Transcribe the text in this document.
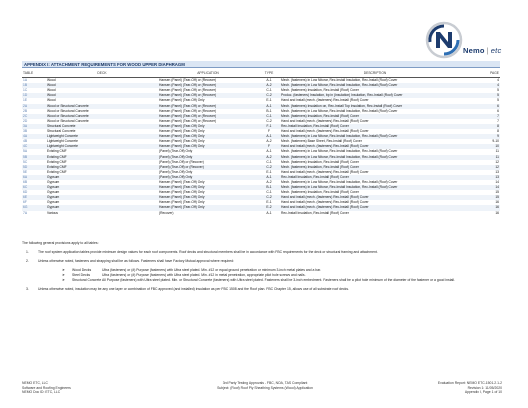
Nemo | etc
APPENDIX I: ATTACHMENT REQUIREMENTS FOR WOOD UPPER DIAPHRAGM
TABLE	DECK	APPLICATION	TYPE	DESCRIPTION	PAGE
1A	Wood	Hansen (Panel) (Tear-Off) or (Recover)	A-1	Mech. (fasteners) in Low Nitorar, Rec-Install Insulation, Rec-Install (Roof) Cover	4
1B	Wood	Hansen (Panel) (Tear-Off) or (Recover)	A-2	Mech. (fasteners) in Low Nitorar, Rec-Install Insulation, Rec-Install (Roof) Cover	4
1C	Wood	Hansen (Panel) (Tear-Off) or (Recover)	C-1	Mech. (fasteners) Insulation, Rec-Install (Roof) Cover	5
1D	Wood	Hansen (Panel) (Tear-Off) or (Recover)	C-2	Produc. (fasteners) Insulation, bp in (Insulation) Insulation, Rec-Install (Roof) Cover	5
1E	Wood	Hansen (Panel) (Tear-Off) Only	E-1	Hand and install (mech. (fasteners) Rec-Install (Roof) Cover	5
2A	Wood or Structural Concrete	Hansen (Panel) (Tear-Off) or (Recover)	A-1	Mech. (fasteners) Insulation on, Rec-Install Top Insulation, Rec-Install (Roof) Cover	6
2B	Wood or Structural Concrete	Hansen (Panel) (Tear-Off) or (Recover)	B-1	Mech. (fasteners) in Low Nitorar, Rec-Install Insulation, Rec-Install (Roof) Cover	6
2C	Wood or Structural Concrete	Hansen (Panel) (Tear-Off) or (Recover)	C-1	Mech. (fasteners) Insulation, Rec-Install (Roof) Cover	7
2D	Wood or Structural Concrete	Hansen (Panel) (Tear-Off) or (Recover)	C-2	Hand and install (mech. (fasteners) Rec-Install (Roof) Cover	7
3A	Structural Concrete	Hansen (Panel) (Tear-Off) Only	F-1	Rec-Install Insulation, Rec-Install (Roof) Cover	8
3B	Structural Concrete	Hansen (Panel) (Tear-Off) Only	F	Hand and install (mech. (fasteners) Rec-Install (Roof) Cover	8
4A	Lightweight Concrete	Hansen (Panel) (Tear-Off) Only	A-1	Mech. (fasteners) in Low Nitorar, Rec-Install Insulation, Rec-Install (Roof) Cover	9
4B	Lightweight Concrete	Hansen (Panel) (Tear-Off) Only	A-2	Mech. (fasteners) Base Sheet, Rec-Install (Roof) Cover	9-10
4C	Lightweight Concrete	Hansen (Panel) (Tear-Off) Only	F	Hand and install (mech. (fasteners) Rec-Install (Roof) Cover	10
5A	Existing CMF	(Panel) (Tear-Off) Only	A-1	Mech. (fasteners) in Low Nitorar, Rec-Install Insulation, Rec-Install (Roof) Cover	11
5B	Existing CMF	(Panel) (Tear-Off) Only	A-2	Mech. (fasteners) in Low Nitorar, Rec-Install Insulation, Rec-Install (Roof) Cover	11
5C	Existing CMF	(Panel) (Tear-Off) or (Recover)	C-1	Mech. (fasteners) Insulation, Rec-Install (Roof) Cover	12
5D	Existing CMF	(Panel) (Tear-Off) or (Recover)	C-2	Mech. (fasteners) Insulation, Rec-Install (Roof) Cover	12
5E	Existing CMF	(Panel) (Tear-Off) Only	E-1	Hand and install (mech. (fasteners) Rec-Install (Roof) Cover	13
6A	Gypsum	(Panel) (Tear-Off) Only	A-1	Rec-Install Insulation, Rec-Install (Roof) Cover	13
6B	Gypsum	Hansen (Panel) (Tear-Off) Only	A-2	Mech. (fasteners) in Low Nitorar, Rec-Install Insulation, Rec-Install (Roof) Cover	14
6C	Gypsum	Hansen (Panel) (Tear-Off) Only	B-1	Mech. (fasteners) in Low Nitorar, Rec-Install Insulation, Rec-Install (Roof) Cover	14
6D	Gypsum	Hansen (Panel) (Tear-Off) Only	C-1	Mech. (fasteners) Insulation, Rec-Install (Roof) Cover	15
6E	Gypsum	Hansen (Panel) (Tear-Off) Only	C-2	Hand and install (mech. (fasteners) Rec-Install (Roof) Cover	15
6F	Gypsum	Hansen (Panel) (Tear-Off) Only	E-1	Hand and install (mech. (fasteners) Rec-Install (Roof) Cover	16
6G	Gypsum	Hansen (Panel) (Tear-Off) Only	E-2	Hand and install (mech. (fasteners) Rec-Install (Roof) Cover	16
7A	Various	(Recover)	A-1	Rec-Install Insulation, Rec-Install (Roof) Cover	16
The following general provisions apply to all tables:
1.	The roof system application tables provide minimum design values for each roof components. Roof decks and structural members shall be in accordance with FBC requirements for the deck or structural framing and attachment.
2.	Unless otherwise noted, fasteners and strapping shall be as follows. Fasteners shall have Factory Mutual approval where required:
➤ Wood Decks	Ultra (fasteners) or (#) Purpose (fasteners) with Ultra steel plated. Min. #12 or equal ground penetration or minimum 3-inch metal plates and a bar.
➤ Steel Decks	Ultra (fasteners) or (#) Purpose (fasteners) with Ultra steel plated. Min. #12 in metal penetration, appropriate pilot hole screws and nails.
➤ Structural ConcreteAll Purpose (fasteners) with Ultra steel plated. Min. or Structural Concrete (fasteners) with Ultra steel plated. Fasteners shall be 3-inch embedment. Fasteners shall be a pilot hole minimum of the diameter of the fastener or a good install.
3.	Unless otherwise noted, insulation may be any one layer or combination of FBC approved (and installed) insulation as per FBC 1508 and the Roof plan. FBC Chapter 15, allows use of all substrate roof decks.
NEMO ETC, LLC
Software and Roofing Engineers
NEMO Doc ID: ETC, LLC
3rd Party Testing Approvals - FBC, NOA, TAS Compliant
Subject: (Roof) Roof Ply Sheathing Systems (Wood) Application
Evaluation Report: NEMO ETC-1501.2.1-2
Revision 1: 11/05/2020
Appendix I, Page 1 of 10
